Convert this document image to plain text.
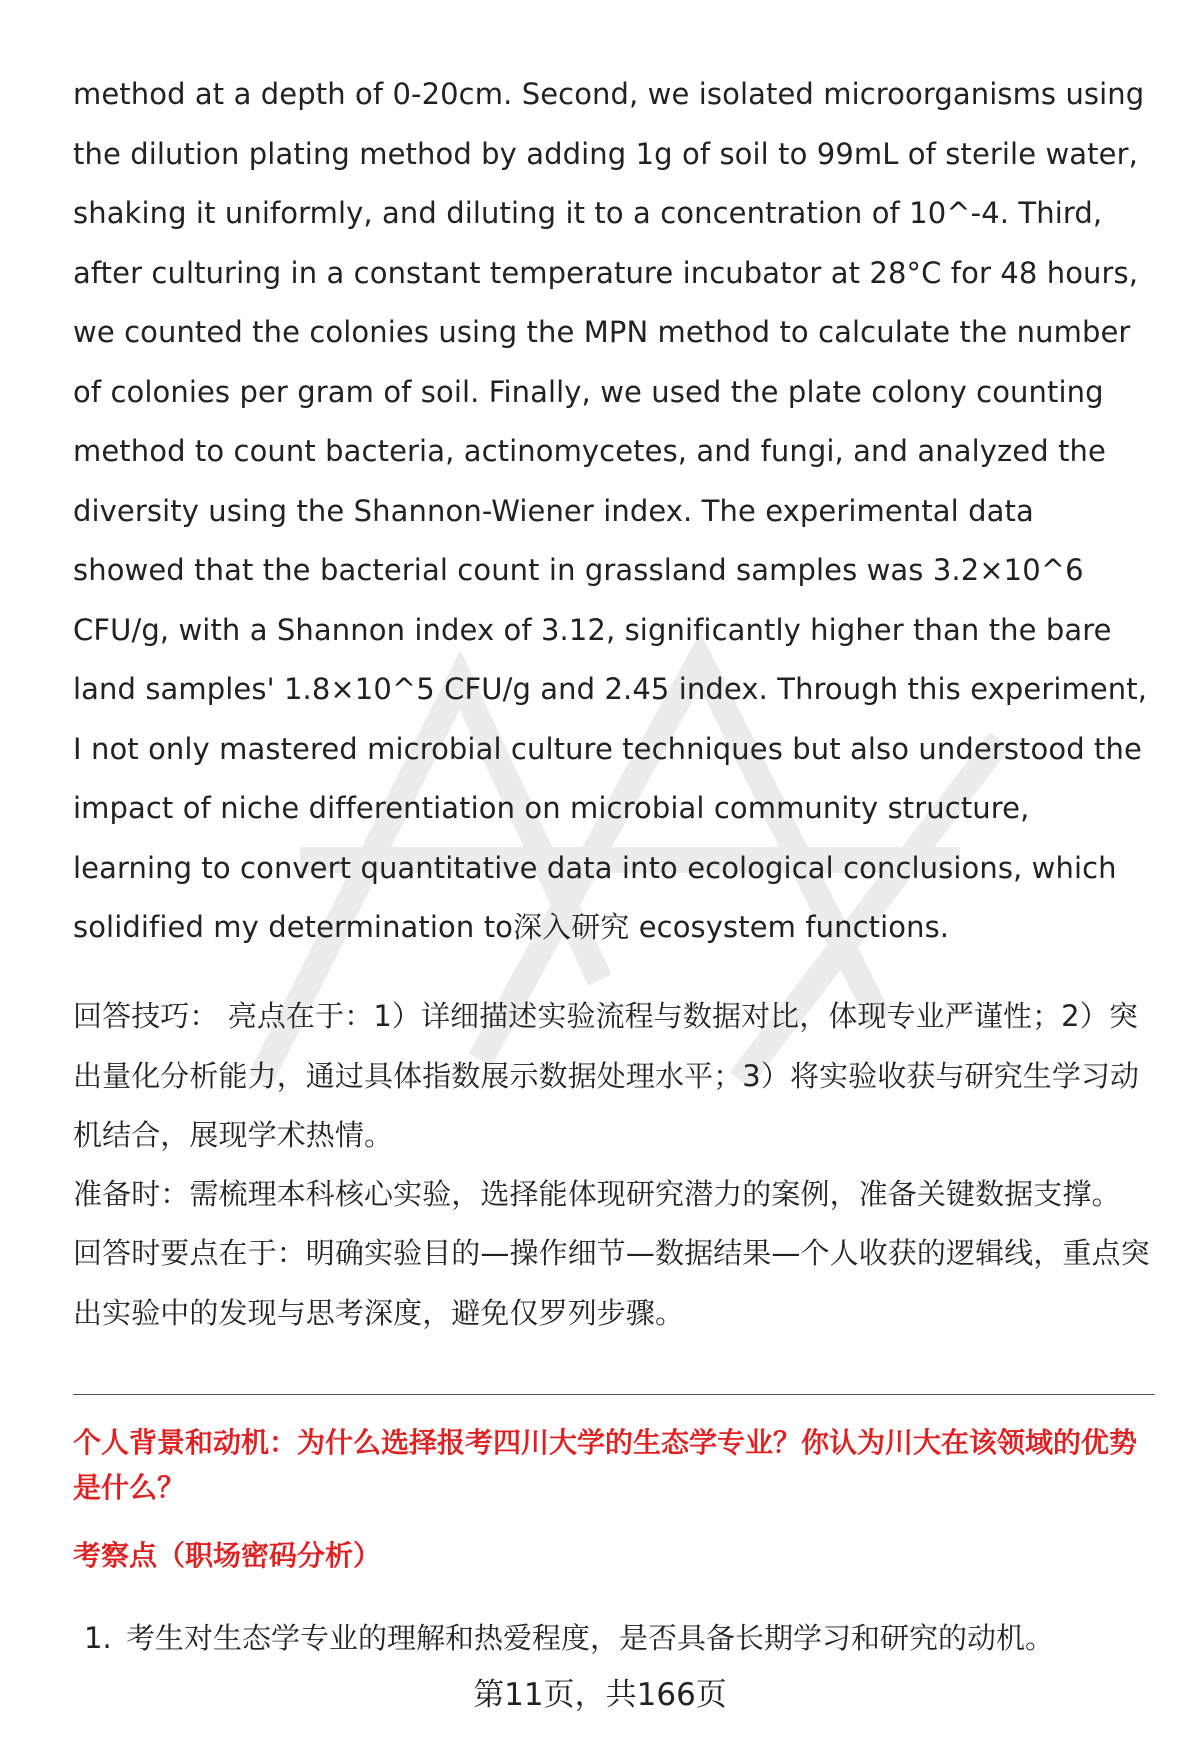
method at a depth of 0-20cm. Second, we isolated microorganisms using the dilution plating method by adding 1g of soil to 99mL of sterile water, shaking it uniformly, and diluting it to a concentration of 10^-4. Third, after culturing in a constant temperature incubator at 28°C for 48 hours, we counted the colonies using the MPN method to calculate the number of colonies per gram of soil. Finally, we used the plate colony counting method to count bacteria, actinomycetes, and fungi, and analyzed the diversity using the Shannon-Wiener index. The experimental data showed that the bacterial count in grassland samples was 3.2×10^6 CFU/g, with a Shannon index of 3.12, significantly higher than the bare land samples' 1.8×10^5 CFU/g and 2.45 index. Through this experiment, I not only mastered microbial culture techniques but also understood the impact of niche differentiation on microbial community structure, learning to convert quantitative data into ecological conclusions, which solidified my determination to深入研究 ecosystem functions.

回答技巧： 亮点在于：1）详细描述实验流程与数据对比，体现专业严谨性；2）突出量化分析能力，通过具体指数展示数据处理水平；3）将实验收获与研究生学习动机结合，展现学术热情。

准备时：需梳理本科核心实验，选择能体现研究潜力的案例，准备关键数据支撑。

回答时要点在于：明确实验目的—操作细节—数据结果—个人收获的逻辑线，重点突出实验中的发现与思考深度，避免仅罗列步骤。

个人背景和动机：为什么选择报考四川大学的生态学专业？你认为川大在该领域的优势是什么？
考察点（职场密码分析）
1. 考生对生态学专业的理解和热爱程度，是否具备长期学习和研究的动机。
第11页，共166页
